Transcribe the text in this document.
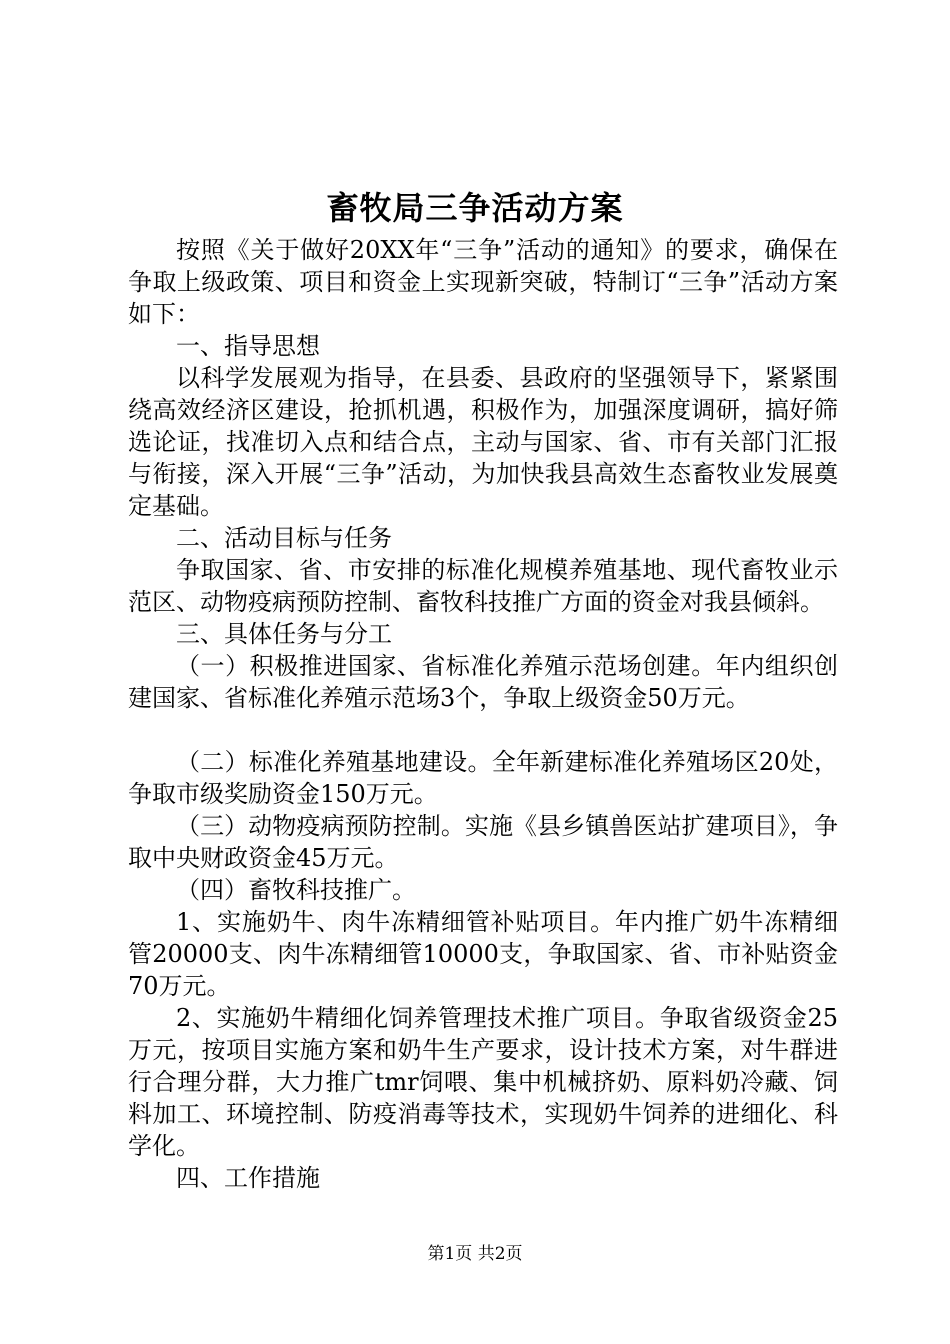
畜牧局三争活动方案

按照《关于做好20XX年“三争”活动的通知》的要求，确保在争取上级政策、项目和资金上实现新突破，特制订“三争”活动方案如下：

一、指导思想

以科学发展观为指导，在县委、县政府的坚强领导下，紧紧围绕高效经济区建设，抢抓机遇，积极作为，加强深度调研，搞好筛选论证，找准切入点和结合点，主动与国家、省、市有关部门汇报与衔接，深入开展“三争”活动，为加快我县高效生态畜牧业发展奠定基础。

二、活动目标与任务

争取国家、省、市安排的标准化规模养殖基地、现代畜牧业示范区、动物疫病预防控制、畜牧科技推广方面的资金对我县倾斜。

三、具体任务与分工

（一）积极推进国家、省标准化养殖示范场创建。年内组织创建国家、省标准化养殖示范场3个，争取上级资金50万元。

（二）标准化养殖基地建设。全年新建标准化养殖场区20处，争取市级奖励资金150万元。

（三）动物疫病预防控制。实施《县乡镇兽医站扩建项目》，争取中央财政资金45万元。

（四）畜牧科技推广。

1、实施奶牛、肉牛冻精细管补贴项目。年内推广奶牛冻精细管20000支、肉牛冻精细管10000支，争取国家、省、市补贴资金70万元。

2、实施奶牛精细化饲养管理技术推广项目。争取省级资金25万元，按项目实施方案和奶牛生产要求，设计技术方案，对牛群进行合理分群，大力推广tmr饲喂、集中机械挤奶、原料奶冷藏、饲料加工、环境控制、防疫消毒等技术，实现奶牛饲养的进细化、科学化。

四、工作措施

第1页 共2页
